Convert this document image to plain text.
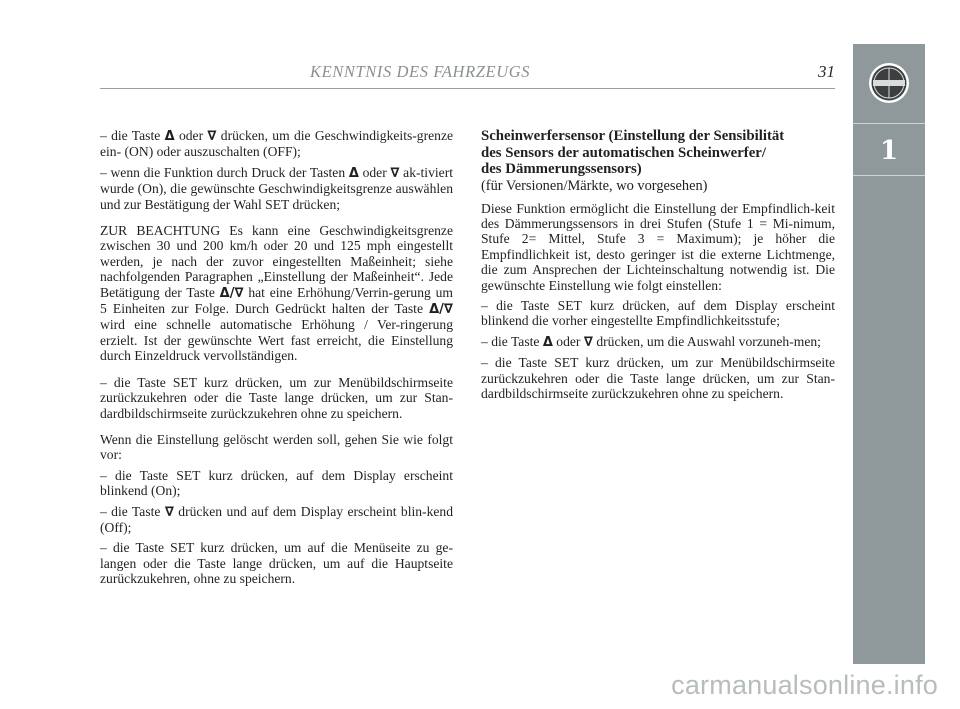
KENNTNIS DES FAHRZEUGS	31
1

– die Taste Δ oder ∇ drücken, um die Geschwindigkeits-grenze ein- (ON) oder auszuschalten (OFF);

– wenn die Funktion durch Druck der Tasten Δ oder ∇ ak-tiviert wurde (On), die gewünschte Geschwindigkeitsgrenze auswählen und zur Bestätigung der Wahl SET drücken;

ZUR BEACHTUNG Es kann eine Geschwindigkeitsgrenze zwischen 30 und 200 km/h oder 20 und 125 mph eingestellt werden, je nach der zuvor eingestellten Maßeinheit; siehe nachfolgenden Paragraphen „Einstellung der Maßeinheit“. Jede Betätigung der Taste Δ/∇ hat eine Erhöhung/Verrin-gerung um 5 Einheiten zur Folge. Durch Gedrückt halten der Taste Δ/∇ wird eine schnelle automatische Erhöhung / Ver-ringerung erzielt. Ist der gewünschte Wert fast erreicht, die Einstellung durch Einzeldruck vervollständigen.

– die Taste SET kurz drücken, um zur Menübildschirmseite zurückzukehren oder die Taste lange drücken, um zur Stan-dardbildschirmseite zurückzukehren ohne zu speichern.

Wenn die Einstellung gelöscht werden soll, gehen Sie wie folgt vor:

– die Taste SET kurz drücken, auf dem Display erscheint blinkend (On);

– die Taste ∇ drücken und auf dem Display erscheint blin-kend (Off);

– die Taste SET kurz drücken, um auf die Menüseite zu ge-langen oder die Taste lange drücken, um auf die Hauptseite zurückzukehren, ohne zu speichern.

Scheinwerfersensor (Einstellung der Sensibilität
des Sensors der automatischen Scheinwerfer/
des Dämmerungssensors)
(für Versionen/Märkte, wo vorgesehen)

Diese Funktion ermöglicht die Einstellung der Empfindlich-keit des Dämmerungssensors in drei Stufen (Stufe 1 = Mi-nimum, Stufe 2= Mittel, Stufe 3 = Maximum); je höher die Empfindlichkeit ist, desto geringer ist die externe Lichtmenge, die zum Ansprechen der Lichteinschaltung notwendig ist. Die gewünschte Einstellung wie folgt einstellen:

– die Taste SET kurz drücken, auf dem Display erscheint blinkend die vorher eingestellte Empfindlichkeitsstufe;

– die Taste Δ oder ∇ drücken, um die Auswahl vorzuneh-men;

– die Taste SET kurz drücken, um zur Menübildschirmseite zurückzukehren oder die Taste lange drücken, um zur Stan-dardbildschirmseite zurückzukehren ohne zu speichern.

carmanualsonline.info
